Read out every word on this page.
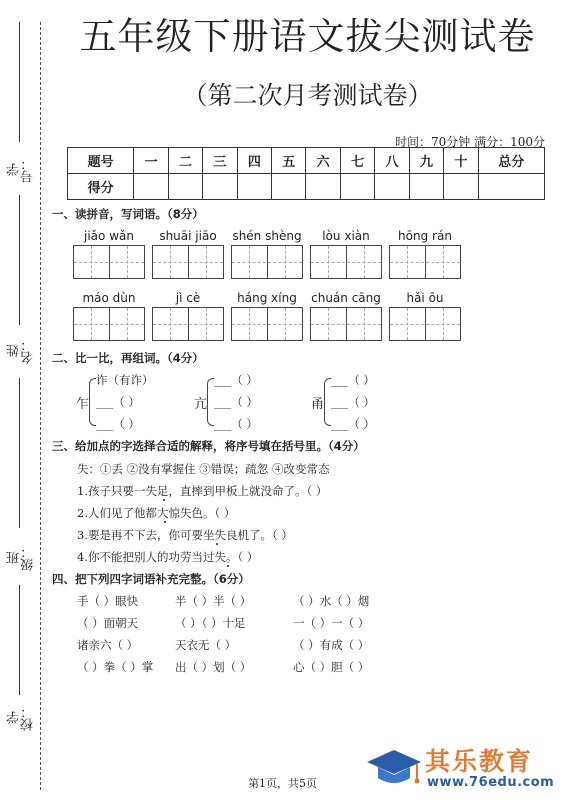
学号：
姓名：
班级：
学校：
五年级下册语文拔尖测试卷
（第二次月考测试卷）
时间：70分钟 满分：100分
题号	一	二	三	四	五	六	七	八	九	十	总分
得分											
一、读拼音，写词语。（8分）
jiǎo wǎn	shuāi jiāo	shén shèng	lòu xiàn	hōng rán
máo dùn	jì cè	háng xíng	chuán cāng	hǎi ōu
二、比一比，再组词。（4分）
乍
诈（有诈）
___（ ）
___（ ）
亢
___（ ）
___（ ）
___（ ）
甬
___（ ）
___（ ）
___（ ）
三、给加点的字选择合适的解释，将序号填在括号里。（4分）
失：①丢 ②没有掌握住 ③错误；疏忽 ④改变常态
1.孩子只要一失足，直摔到甲板上就没命了。（ ）
2.人们见了他都大惊失色。（ ）
3.要是再不下去，你可要坐失良机了。（ ）
4.你不能把别人的功劳当过失。（ ）
四、把下列四字词语补充完整。（6分）
手（ ）眼快	半（ ）半（ ）	（ ）水（ ）烟
（ ）面朝天	（ ）（ ）十足	一（ ）一（ ）
诸亲六（ ）	天衣无（ ）	（ ）有成（ ）
（ ）拳（ ）掌 出（ ）划（ ）	心（ ）胆（ ）
第1页，共5页
其乐教育
www.76edu.com
